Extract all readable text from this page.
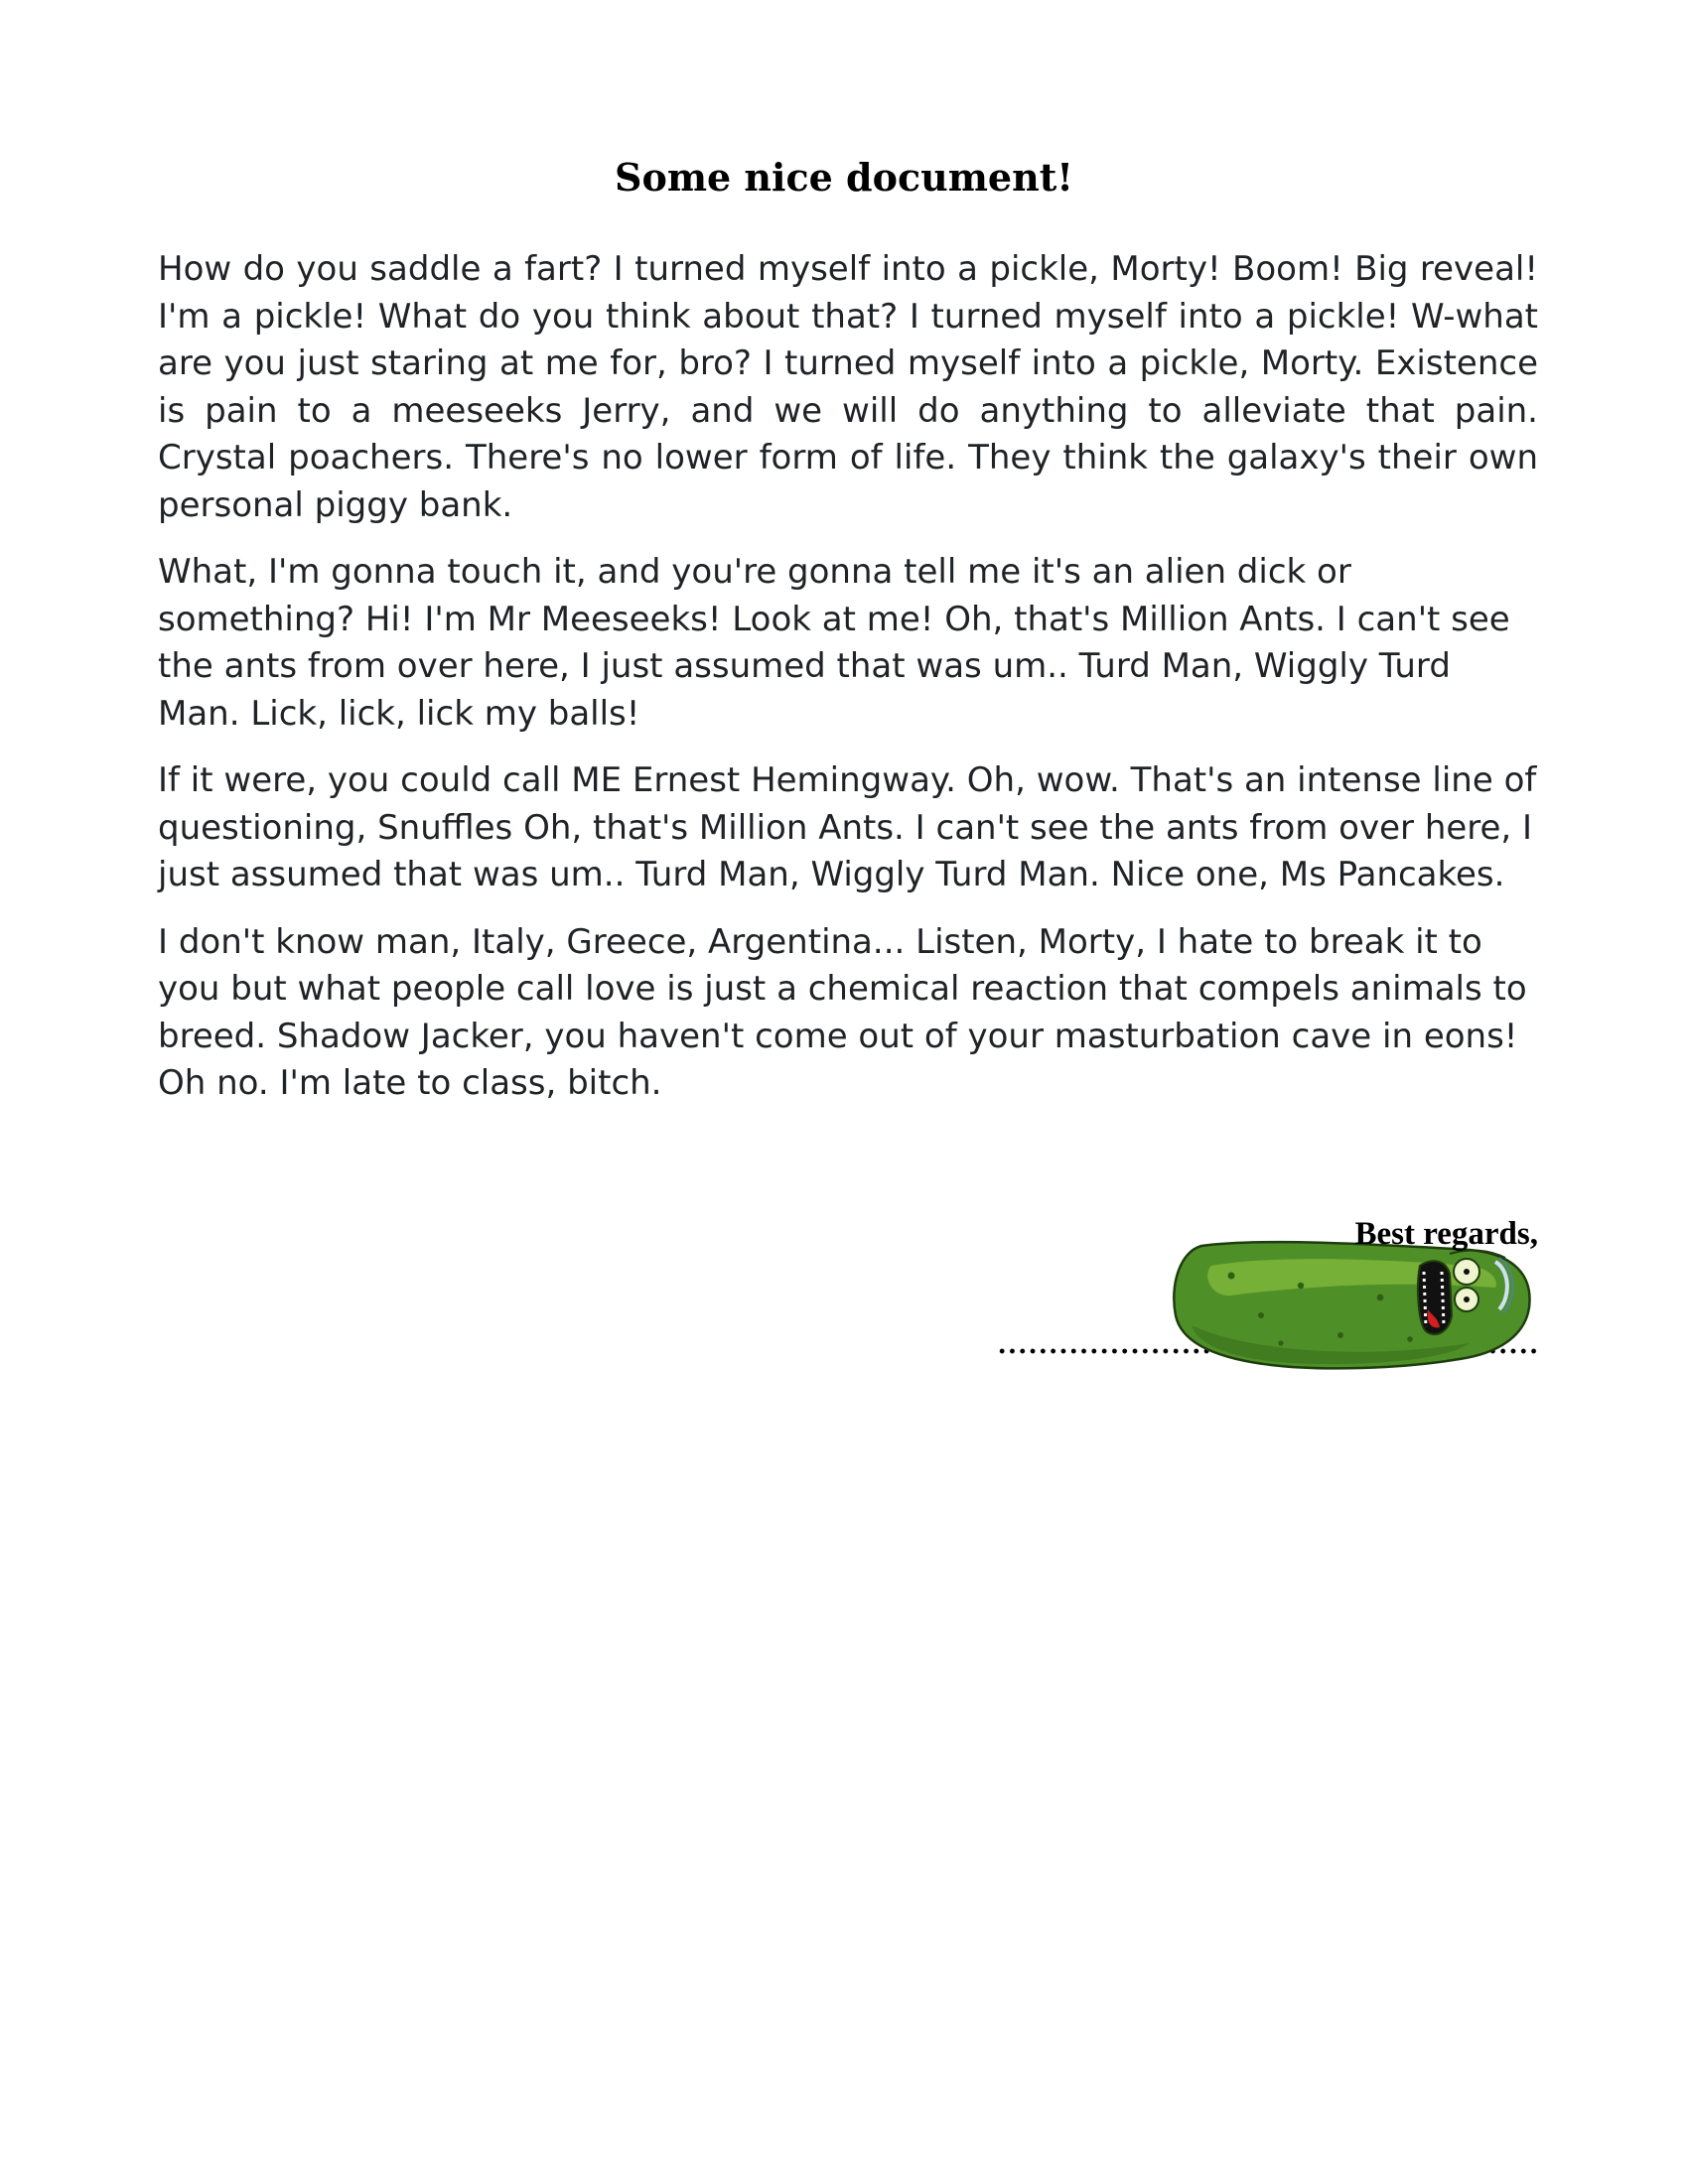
Some nice document!

How do you saddle a fart? I turned myself into a pickle, Morty! Boom! Big reveal! I'm a pickle! What do you think about that? I turned myself into a pickle! W-what are you just staring at me for, bro? I turned myself into a pickle, Morty. Existence is pain to a meeseeks Jerry, and we will do anything to alleviate that pain. Crystal poachers. There's no lower form of life. They think the galaxy's their own personal piggy bank.

What, I'm gonna touch it, and you're gonna tell me it's an alien dick or something? Hi! I'm Mr Meeseeks! Look at me! Oh, that's Million Ants. I can't see the ants from over here, I just assumed that was um.. Turd Man, Wiggly Turd Man. Lick, lick, lick my balls!

If it were, you could call ME Ernest Hemingway. Oh, wow. That's an intense line of questioning, Snuffles Oh, that's Million Ants. I can't see the ants from over here, I just assumed that was um.. Turd Man, Wiggly Turd Man. Nice one, Ms Pancakes.

I don't know man, Italy, Greece, Argentina... Listen, Morty, I hate to break it to you but what people call love is just a chemical reaction that compels animals to breed. Shadow Jacker, you haven't come out of your masturbation cave in eons! Oh no. I'm late to class, bitch.

Best regards,
